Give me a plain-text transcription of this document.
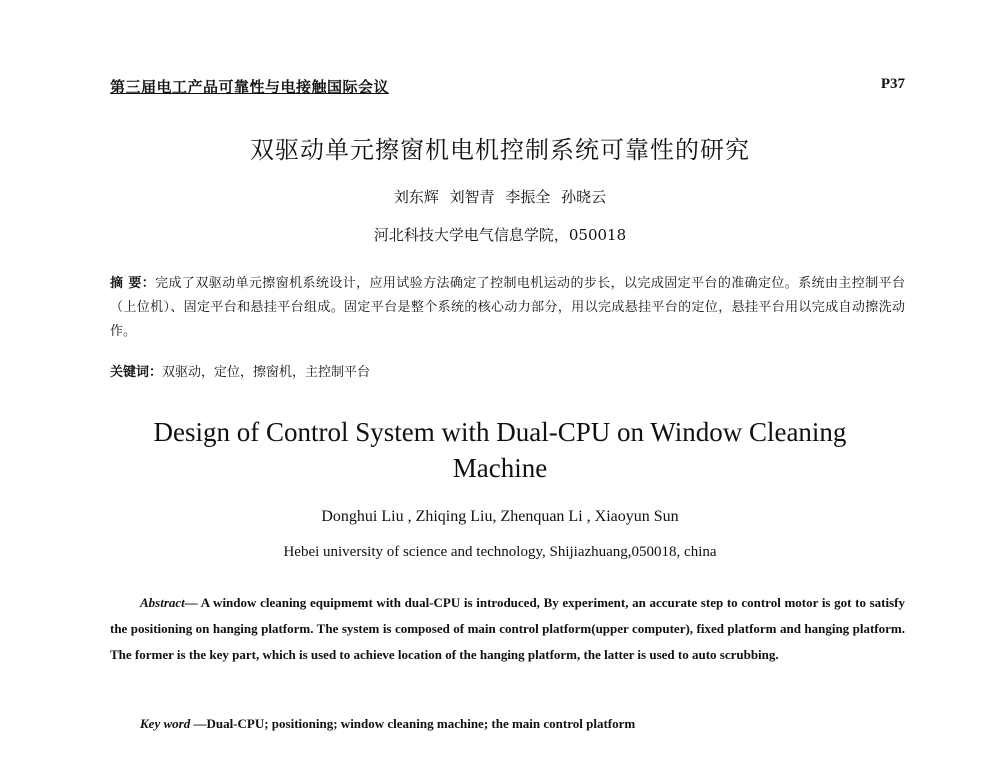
第三届电工产品可靠性与电接触国际会议	P37
双驱动单元擦窗机电机控制系统可靠性的研究
刘东辉 刘智青 李振全 孙晓云
河北科技大学电气信息学院，050018
摘 要：完成了双驱动单元擦窗机系统设计，应用试验方法确定了控制电机运动的步长，以完成固定平台的准确定位。系统由主控制平台（上位机）、固定平台和悬挂平台组成。固定平台是整个系统的核心动力部分，用以完成悬挂平台的定位，悬挂平台用以完成自动擦洗动作。
关键词：双驱动，定位，擦窗机，主控制平台
Design of Control System with Dual-CPU on Window Cleaning Machine
Donghui Liu , Zhiqing Liu, Zhenquan Li , Xiaoyun Sun
Hebei university of science and technology, Shijiazhuang,050018, china
Abstract— A window cleaning equipmemt with dual-CPU is introduced, By experiment, an accurate step to control motor is got to satisfy the positioning on hanging platform. The system is composed of main control platform(upper computer), fixed platform and hanging platform. The former is the key part, which is used to achieve location of the hanging platform, the latter is used to auto scrubbing.
Key word —Dual-CPU; positioning; window cleaning machine; the main control platform
